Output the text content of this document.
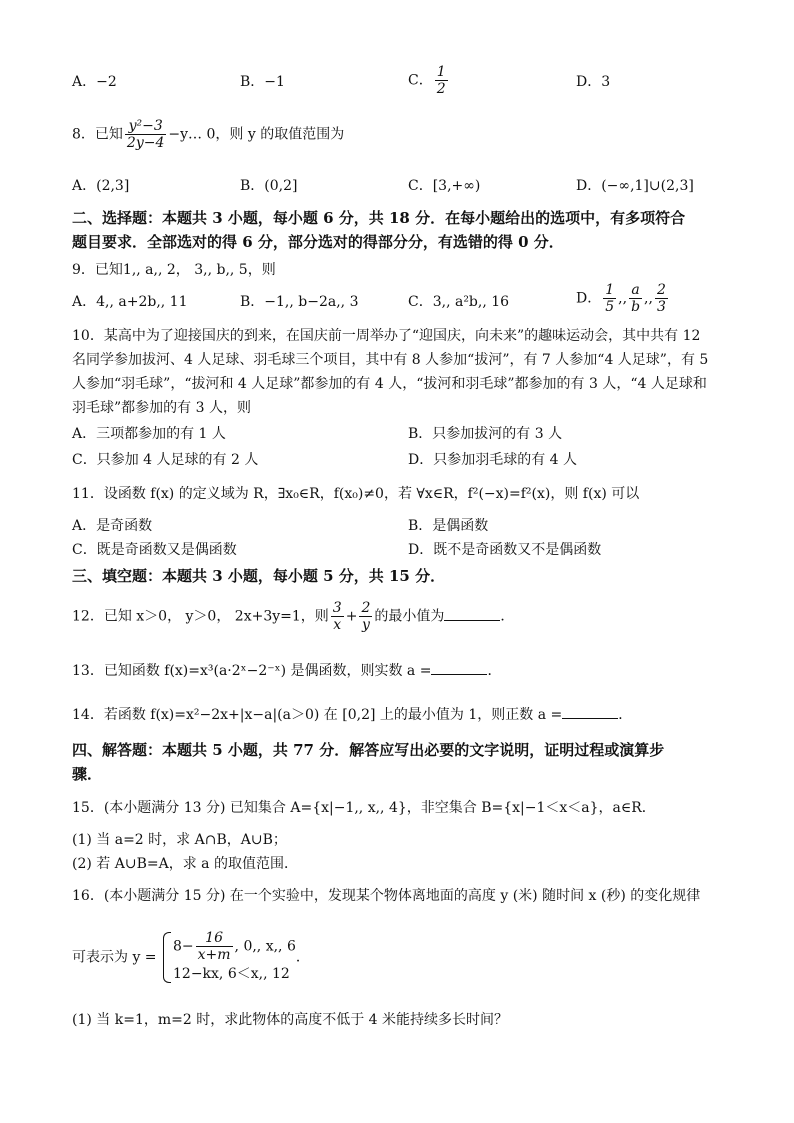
A．−2	B．−1	C． $\frac{1}{2}$	D．3
8．已知 $\frac{\text{y²−3}}{2y-4}$ −y… 0，则 y 的取值范围为
A．(2,3]	B．(0,2]	C．[3,+∞)	D．(−∞,1]∪(2,3]
二、选择题：本题共 3 小题，每小题 6 分，共 18 分．在每小题给出的选项中，有多项符合
题目要求．全部选对的得 6 分，部分选对的得部分分，有选错的得 0 分．
9．已知1,, a,, 2， 3,, b,, 5，则
A．4,, a+2b,, 11	B．−1,, b−2a,, 3	C．3,, a²b,, 16	D． $\frac{1}{5}$ ,, $\frac{a}{b}$ ,, $\frac{2}{3}$
10．某高中为了迎接国庆的到来，在国庆前一周举办了“迎国庆，向未来”的趣味运动会，其中共有 12
名同学参加拔河、4 人足球、羽毛球三个项目，其中有 8 人参加“拔河”，有 7 人参加“4 人足球”，有 5
人参加“羽毛球”，“拔河和 4 人足球”都参加的有 4 人，“拔河和羽毛球”都参加的有 3 人，“4 人足球和
羽毛球”都参加的有 3 人，则
A．三项都参加的有 1 人	B．只参加拔河的有 3 人
C．只参加 4 人足球的有 2 人	D．只参加羽毛球的有 4 人
11．设函数 f(x) 的定义域为 R，∃x₀∈R，f(x₀)≠0，若 ∀x∈R，f²(−x)=f²(x)，则 f(x) 可以
A．是奇函数	B．是偶函数
C．既是奇函数又是偶函数	D．既不是奇函数又不是偶函数
三、填空题：本题共 3 小题，每小题 5 分，共 15 分．
12．已知 x＞0， y＞0， 2x+3y=1，则 $\frac{3}{x} + \frac{2}{y}$ 的最小值为	．
13．已知函数 f(x)=x³(a·2ˣ−2⁻ˣ) 是偶函数，则实数 a =	．
14．若函数 f(x)=x²−2x+|x−a|(a＞0) 在 [0,2] 上的最小值为 1，则正数 a =	．
四、解答题：本题共 5 小题，共 77 分．解答应写出必要的文字说明，证明过程或演算步
骤．
15．(本小题满分 13 分) 已知集合 A={x|−1,, x,, 4}，非空集合 B={x|−1＜x＜a}，a∈R．
(1) 当 a=2 时，求 A∩B，A∪B；
(2) 若 A∪B=A，求 a 的取值范围．
16．(本小题满分 15 分) 在一个实验中，发现某个物体离地面的高度 y (米) 随时间 x (秒) 的变化规律
可表示为 y =
$8- \frac{16}{x+m}$ , 0,, x,, 6
12−kx, 6＜x,, 12
．
(1) 当 k=1，m=2 时，求此物体的高度不低于 4 米能持续多长时间？
